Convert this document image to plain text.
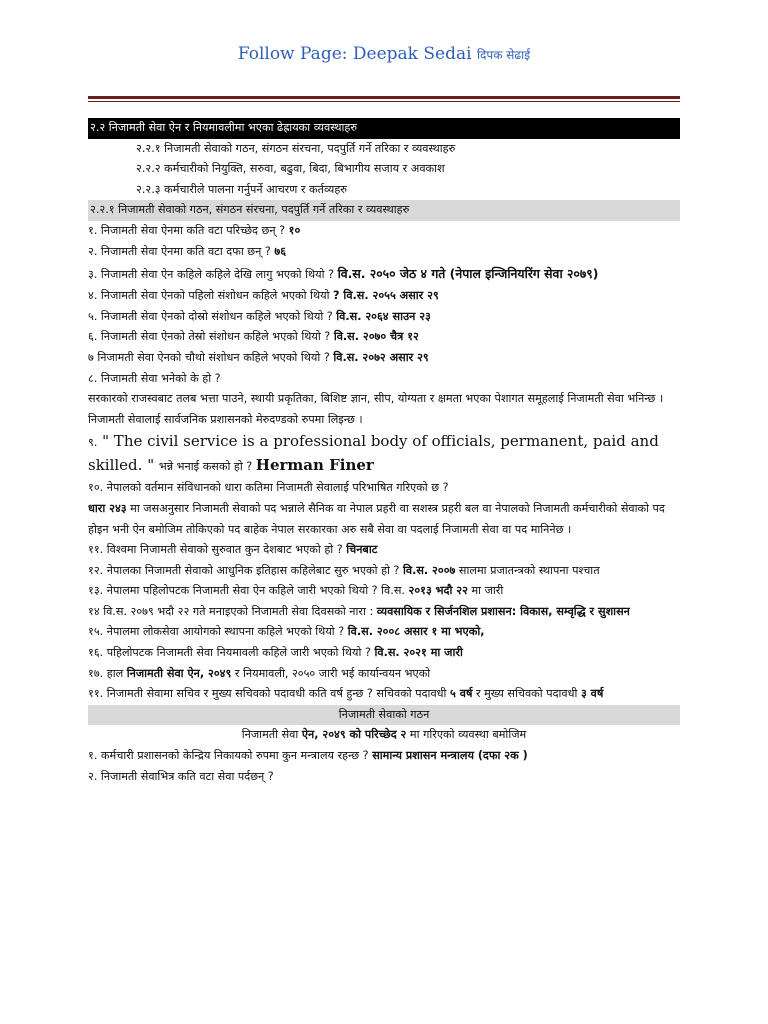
Follow Page: Deepak Sedai दिपक सेढाई
२.२ निजामती सेवा ऐन र नियमावलीमा भएका ढेह्रायका व्यवस्थाहरु
२.२.१ निजामती सेवाको गठन, संगठन संरचना, पदपुर्ति गर्ने तरिका र व्यवस्थाहरु
२.२.२ कर्मचारीको नियुक्ति, सरुवा, बढुवा, बिदा, बिभागीय सजाय र अवकाश
२.२.३ कर्मचारीले पालना गर्नुपर्ने आचरण र कर्तव्यहरु
२.२.१ निजामती सेवाको गठन, संगठन संरचना, पदपुर्ति गर्ने तरिका र व्यवस्थाहरु
१. निजामती सेवा ऐनमा कति वटा परिच्छेद छन् ? १०
२. निजामती सेवा ऐनमा कति वटा दफा छन् ? ७६
३. निजामती सेवा ऐन कहिले कहिले देखि लागु भएको थियो ? वि.स. २०५० जेठ ४ गते (नेपाल इन्जिनियरिंग सेवा २०७९)
४. निजामती सेवा ऐनको पहिलो संशोधन कहिले भएको थियो ? वि.स. २०५५ असार २९
५. निजामती सेवा ऐनको दोस्रो संशोधन कहिले भएको थियो ? वि.स. २०६४ साउन २३
६. निजामती सेवा ऐनको तेस्रो संशोधन कहिले भएको थियो ? वि.स. २०७० चैत्र १२
७ निजामती सेवा ऐनको चौथो संशोधन कहिले भएको थियो ? वि.स. २०७२ असार २९
८. निजामती सेवा भनेको के हो ?
सरकारको राजस्वबाट तलब भत्ता पाउने, स्थायी प्रकृतिका, बिशिष्ट ज्ञान, सीप, योग्यता र क्षमता भएका पेशागत समूहलाई निजामती सेवा भनिन्छ । निजामती सेवालाई सार्वजनिक प्रशासनको मेरुदण्डको रुपमा लिइन्छ ।
९. " The civil service is a professional body of officials, permanent, paid and skilled. " भन्ने भनाई कसको हो ? Herman Finer
१०. नेपालको वर्तमान संविधानको धारा कतिमा निजामती सेवालाई परिभाषित गरिएको छ ?
धारा २४३ मा जसअनुसार निजामती सेवाको पद भन्नाले सैनिक वा नेपाल प्रहरी वा सशस्त्र प्रहरी बल वा नेपालको निजामती कर्मचारीको सेवाको पद होइन भनी ऐन बमोजिम तोकिएको पद बाहेक नेपाल सरकारका अरु सबै सेवा वा पदलाई निजामती सेवा वा पद मानिनेछ ।
११. विश्वमा निजामती सेवाको सुरुवात कुन देशबाट भएको हो ? चिनबाट
१२. नेपालका निजामती सेवाको आधुनिक इतिहास कहिलेबाट सुरु भएको हो ? वि.स. २००७ सालमा प्रजातन्त्रको स्थापना पश्चात
१३. नेपालमा पहिलोपटक निजामती सेवा ऐन कहिले जारी भएको थियो ? वि.स. २०१३ भदौ २२ मा जारी
१४ वि.स. २०७९ भदौ २२ गते मनाइएको निजामती सेवा दिवसको नारा : व्यवसायिक र सिर्जनशिल प्रशासन: विकास, सम्वृद्धि र सुशासन
१५. नेपालमा लोकसेवा आयोगको स्थापना कहिले भएको थियो ? वि.स. २००८ असार १ मा भएको,
१६. पहिलोपटक निजामती सेवा नियमावली कहिले जारी भएको थियो ? वि.स. २०२१ मा जारी
१७. हाल निजामती सेवा ऐन, २०४९ र नियमावली, २०५० जारी भई कार्यान्वयन भएको
११. निजामती सेवामा सचिव र मुख्य सचिवको पदावधी कति वर्ष हुन्छ ? सचिवको पदावधी ५ वर्ष र मुख्य सचिवको पदावधी ३ वर्ष
निजामती सेवाको गठन
निजामती सेवा ऐन, २०४९ को परिच्छेद २ मा गरिएको व्यवस्था बमोजिम
१. कर्मचारी प्रशासनको केन्द्रिय निकायको रुपमा कुन मन्त्रालय रहन्छ ? सामान्य प्रशासन मन्त्रालय (दफा २क )
२. निजामती सेवाभित्र कति वटा सेवा पर्दछन् ?
